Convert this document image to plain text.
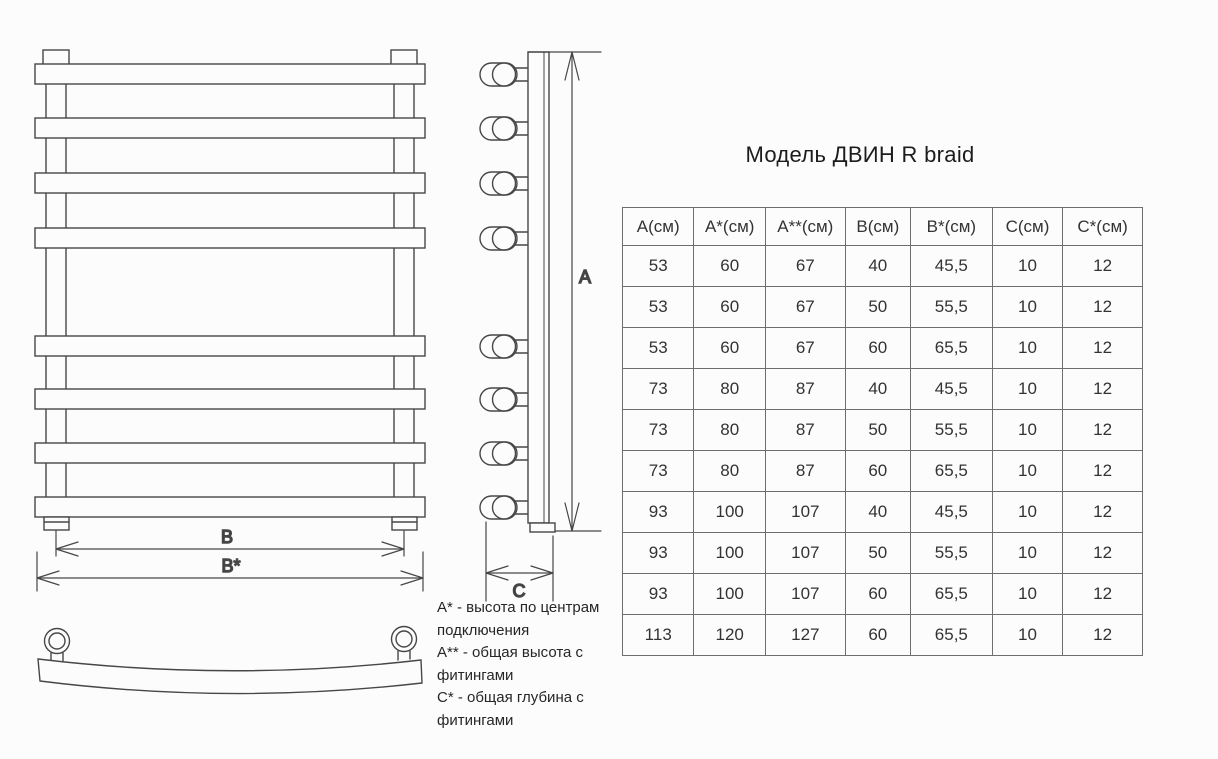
В
В*
А
С
Модель ДВИН R braid
А(см)	А*(см)	А**(см)	В(см)	В*(см)	С(см)	С*(см)
53	60	67	40	45,5	10	12
53	60	67	50	55,5	10	12
53	60	67	60	65,5	10	12
73	80	87	40	45,5	10	12
73	80	87	50	55,5	10	12
73	80	87	60	65,5	10	12
93	100	107	40	45,5	10	12
93	100	107	50	55,5	10	12
93	100	107	60	65,5	10	12
113	120	127	60	65,5	10	12
А* - высота по центрам подключения
А** - общая высота с фитингами
С* - общая глубина с фитингами
